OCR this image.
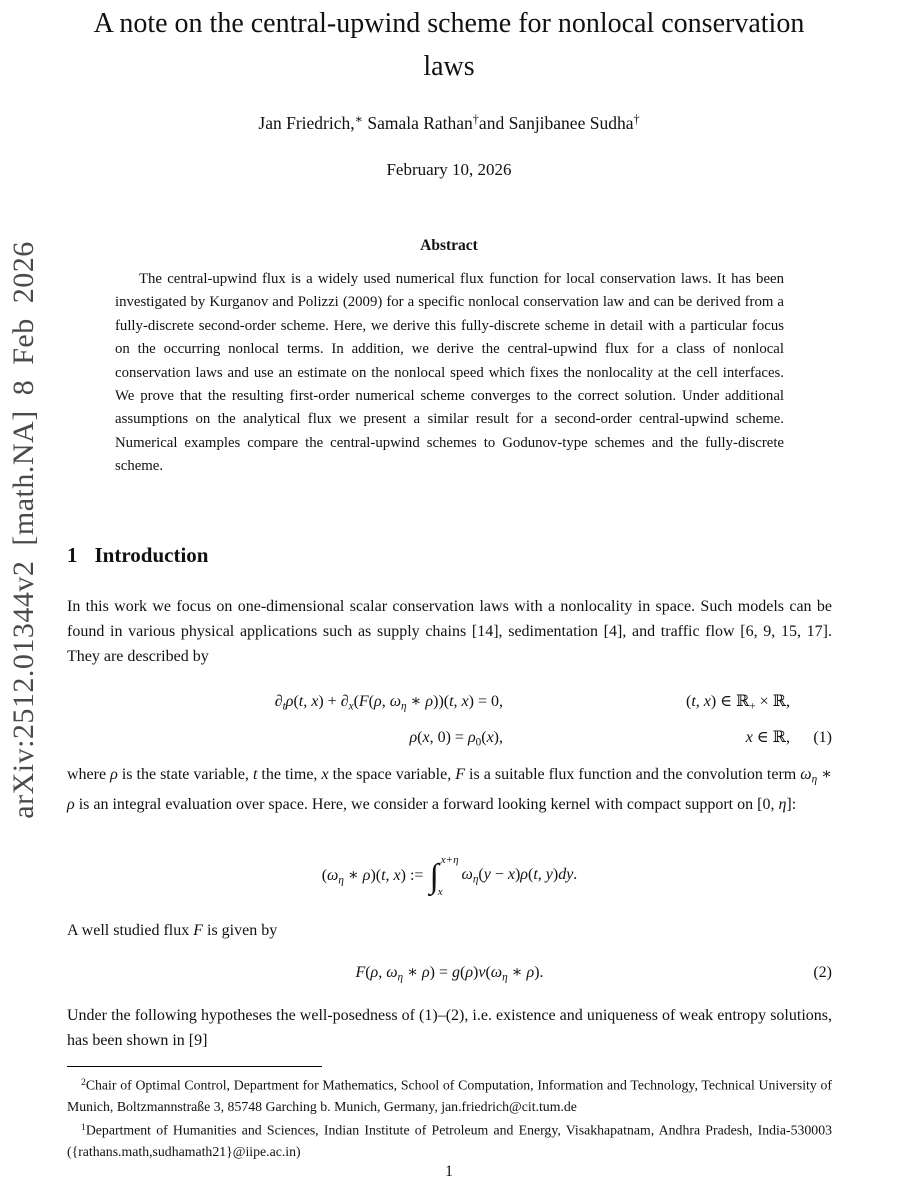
arXiv:2512.01344v2 [math.NA] 8 Feb 2026
A note on the central-upwind scheme for nonlocal conservation laws
Jan Friedrich,∗ Samala Rathan†and Sanjibanee Sudha†
February 10, 2026
Abstract

The central-upwind flux is a widely used numerical flux function for local conservation laws. It has been investigated by Kurganov and Polizzi (2009) for a specific nonlocal conservation law and can be derived from a fully-discrete second-order scheme. Here, we derive this fully-discrete scheme in detail with a particular focus on the occurring nonlocal terms. In addition, we derive the central-upwind flux for a class of nonlocal conservation laws and use an estimate on the nonlocal speed which fixes the nonlocality at the cell interfaces. We prove that the resulting first-order numerical scheme converges to the correct solution. Under additional assumptions on the analytical flux we present a similar result for a second-order central-upwind scheme. Numerical examples compare the central-upwind schemes to Godunov-type schemes and the fully-discrete scheme.

1 Introduction

In this work we focus on one-dimensional scalar conservation laws with a nonlocality in space. Such models can be found in various physical applications such as supply chains [14], sedimentation [4], and traffic flow [6, 9, 15, 17]. They are described by

$\partial_t\rho(t$, $x) + \partial_x(F(\rho$, $\omega_\eta$ ∗ ρ))(t, x) = 0,	(t, x) ∈ ℝ$_+$ × ℝ,
ρ(x, $0) = \rho_0(x)$,	x ∈ ℝ,	(1)

where ρ is the state variable, t the time, x the space variable, F is a suitable flux function and the convolution term $\omega_\eta$ ∗ ρ is an integral evaluation over space. Here, we consider a forward looking kernel with compact support on [0, η]:

($\omega_\eta$ ∗ ρ)(t, x) := ∫ x+η
x
$\omega_\eta(y - x)\rho(t$, y)dy.

A well studied flux F is given by

F(ρ, $\omega_\eta$ ∗ $\rho) = g(\rho)v(\omega_\eta$ ∗ ρ).	(2)

Under the following hypotheses the well-posedness of (1)–(2), i.e. existence and uniqueness of weak entropy solutions, has been shown in [9]

$^2$Chair of Optimal Control, Department for Mathematics, School of Computation, Information and Technology, Technical University of Munich, Boltzmannstraße 3, 85748 Garching b. Munich, Germany, jan.friedrich@cit.tum.de

$^1$Department of Humanities and Sciences, Indian Institute of Petroleum and Energy, Visakhapatnam, Andhra Pradesh, India-530003 ({rathans.math,sudhamath21}@iipe.ac.in)

1
